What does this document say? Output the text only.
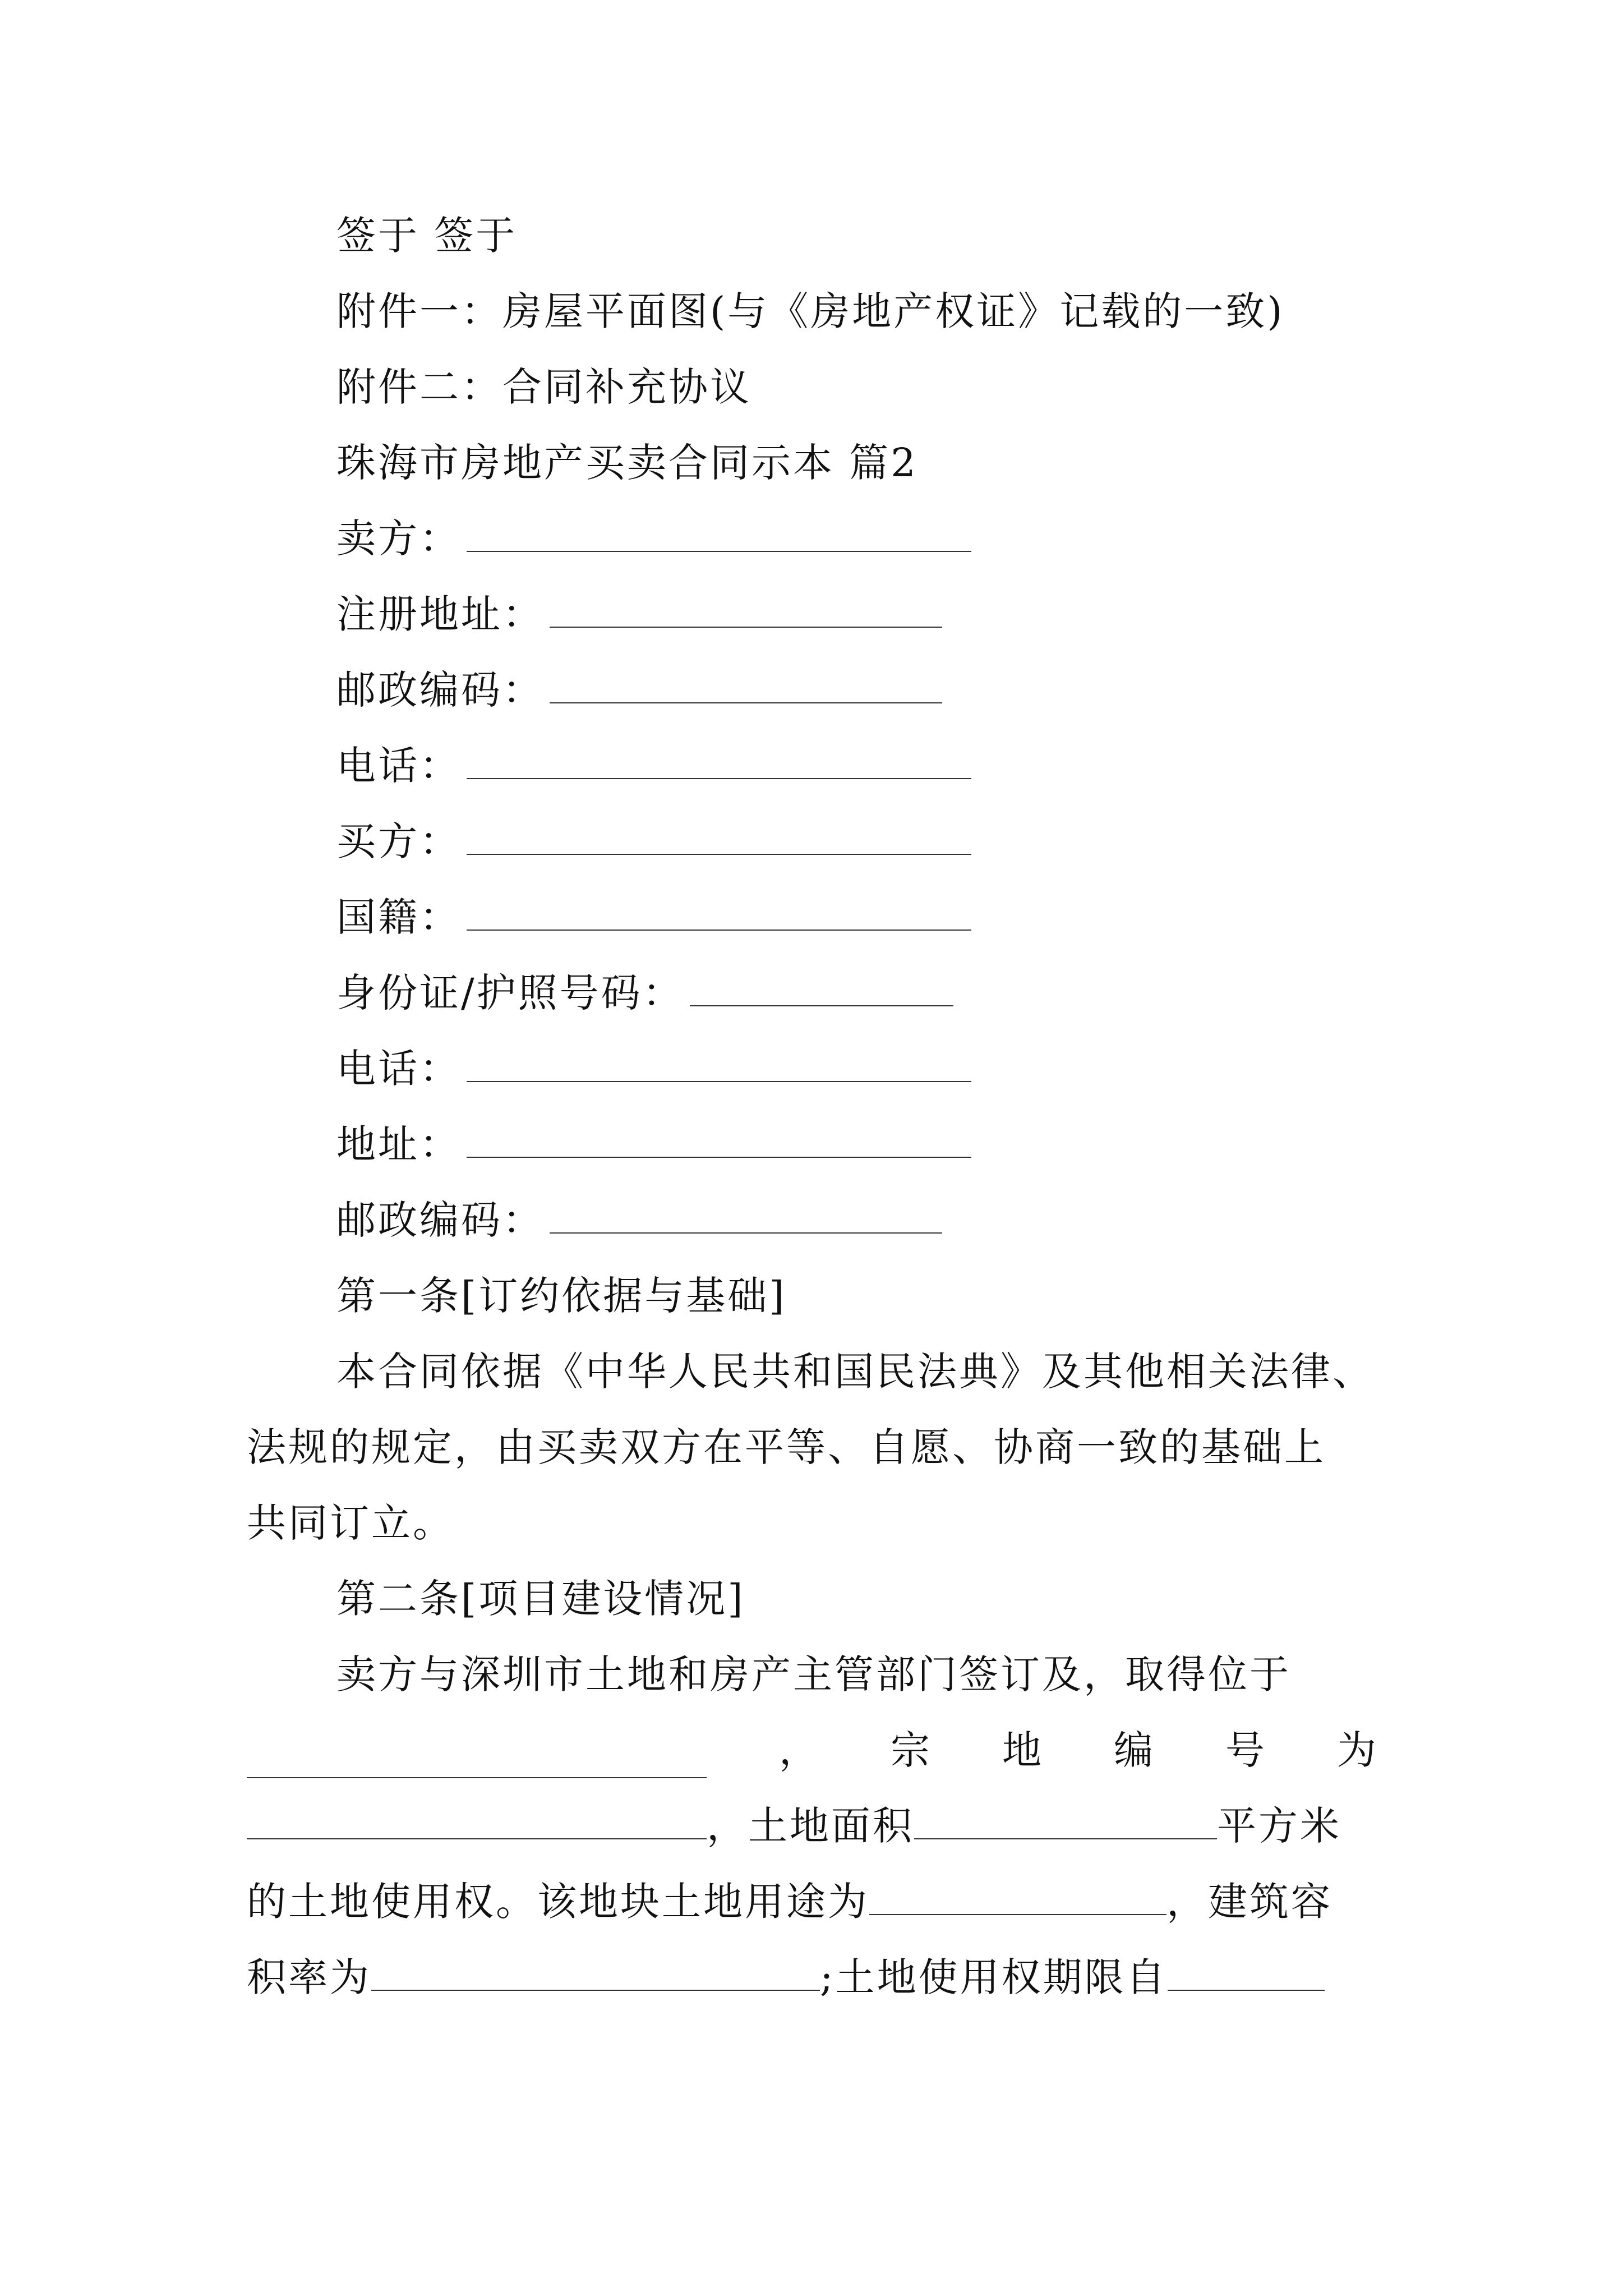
签于 签于
附件一：房屋平面图(与《房地产权证》记载的一致)
附件二：合同补充协议
珠海市房地产买卖合同示本 篇2
卖方：
注册地址：
邮政编码：
电话：
买方：
国籍：
身份证/护照号码：
电话：
地址：
邮政编码：
第一条[订约依据与基础]
本合同依据《中华人民共和国民法典》及其他相关法律、
法规的规定，由买卖双方在平等、自愿、协商一致的基础上
共同订立。
第二条[项目建设情况]
卖方与深圳市土地和房产主管部门签订及，取得位于
， 宗 地 编 号 为
，土地面积	平方米
的土地使用权。该地块土地用途为	，建筑容
积率为	;土地使用权期限自
